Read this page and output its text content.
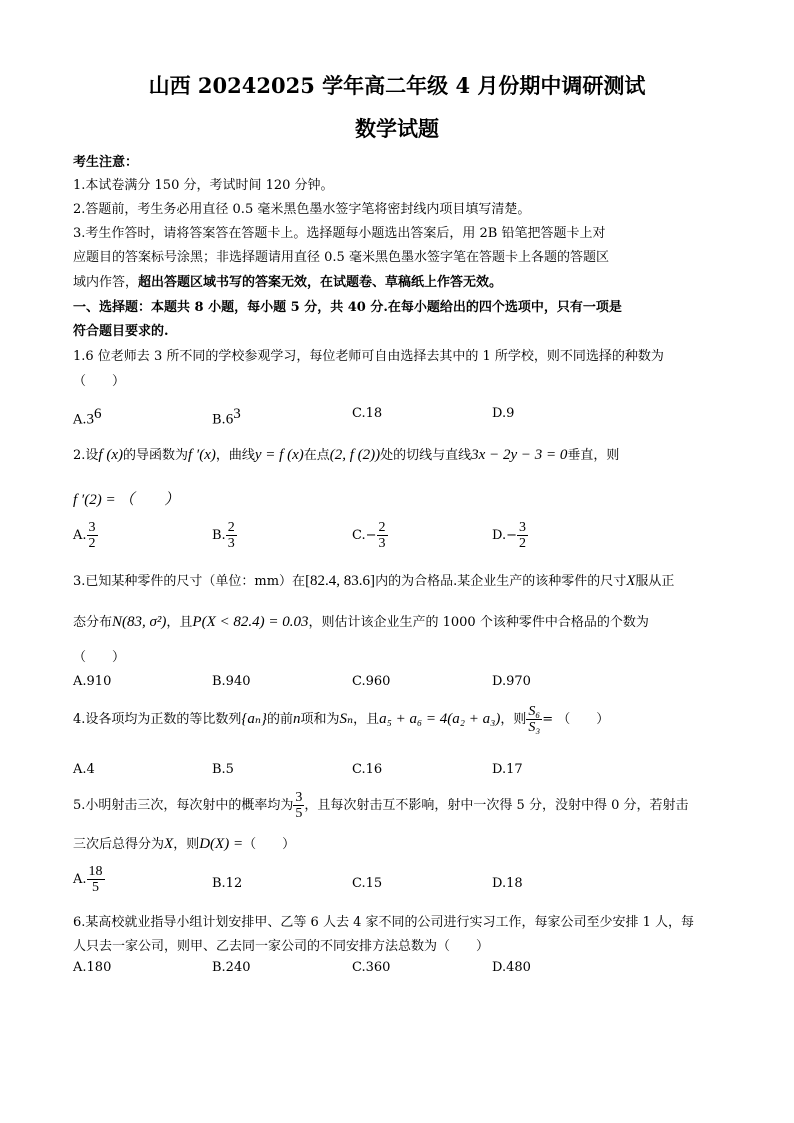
山西 20242025 学年高二年级 4 月份期中调研测试
数学试题
考生注意：
1.本试卷满分 150 分，考试时间 120 分钟。
2.答题前，考生务必用直径 0.5 毫米黑色墨水签字笔将密封线内项目填写清楚。
3.考生作答时，请将答案答在答题卡上。选择题每小题选出答案后，用 2B 铅笔把答题卡上对
应题目的答案标号涂黑；非选择题请用直径 0.5 毫米黑色墨水签字笔在答题卡上各题的答题区
域内作答，超出答题区域书写的答案无效，在试题卷、草稿纸上作答无效。
一、选择题：本题共 8 小题，每小题 5 分，共 40 分.在每小题给出的四个选项中，只有一项是
符合题目要求的.
1.6 位老师去 3 所不同的学校参观学习，每位老师可自由选择去其中的 1 所学校，则不同选择的种数为
（　　）
$A.3^6$	$B.6^3$	C.18	D.9
2.设f (x)的导函数为f ′(x)，曲线y = f (x)在点(2, f (2))处的切线与直线3x − 2y − 3 = 0垂直，则
f ′(2) = （　　）
A. $\frac{3}{2}$	B. $\frac{2}{3}$	$C.- \frac{2}{3}$	$D.- \frac{3}{2}$
3.已知某种零件的尺寸（单位：mm）在[82.4, 83.6]内的为合格品.某企业生产的该种零件的尺寸X服从正
态分布N(83, σ²)，且P(X < 82.4) = 0.03，则估计该企业生产的 1000 个该种零件中合格品的个数为
（　　）
A.910	B.940	C.960	D.970
4.设各项均为正数的等比数列{aₙ}的前n项和为Sₙ，且a₅ + a₆ = 4(a₂ + a₃)，则 $\frac{\text{S₆}}{\text{S₃}}$ = （　　）
A.4	B.5	C.16	D.17
5.小明射击三次，每次射中的概率均为 $\frac{3}{5}$ ，且每次射击互不影响，射中一次得 5 分，没射中得 0 分，若射击
三次后总得分为X，则D(X) =（　　）
A. $\frac{18}{5}$	B.12	C.15	D.18
6.某高校就业指导小组计划安排甲、乙等 6 人去 4 家不同的公司进行实习工作，每家公司至少安排 1 人，每
人只去一家公司，则甲、乙去同一家公司的不同安排方法总数为（　　）
A.180	B.240	C.360	D.480
